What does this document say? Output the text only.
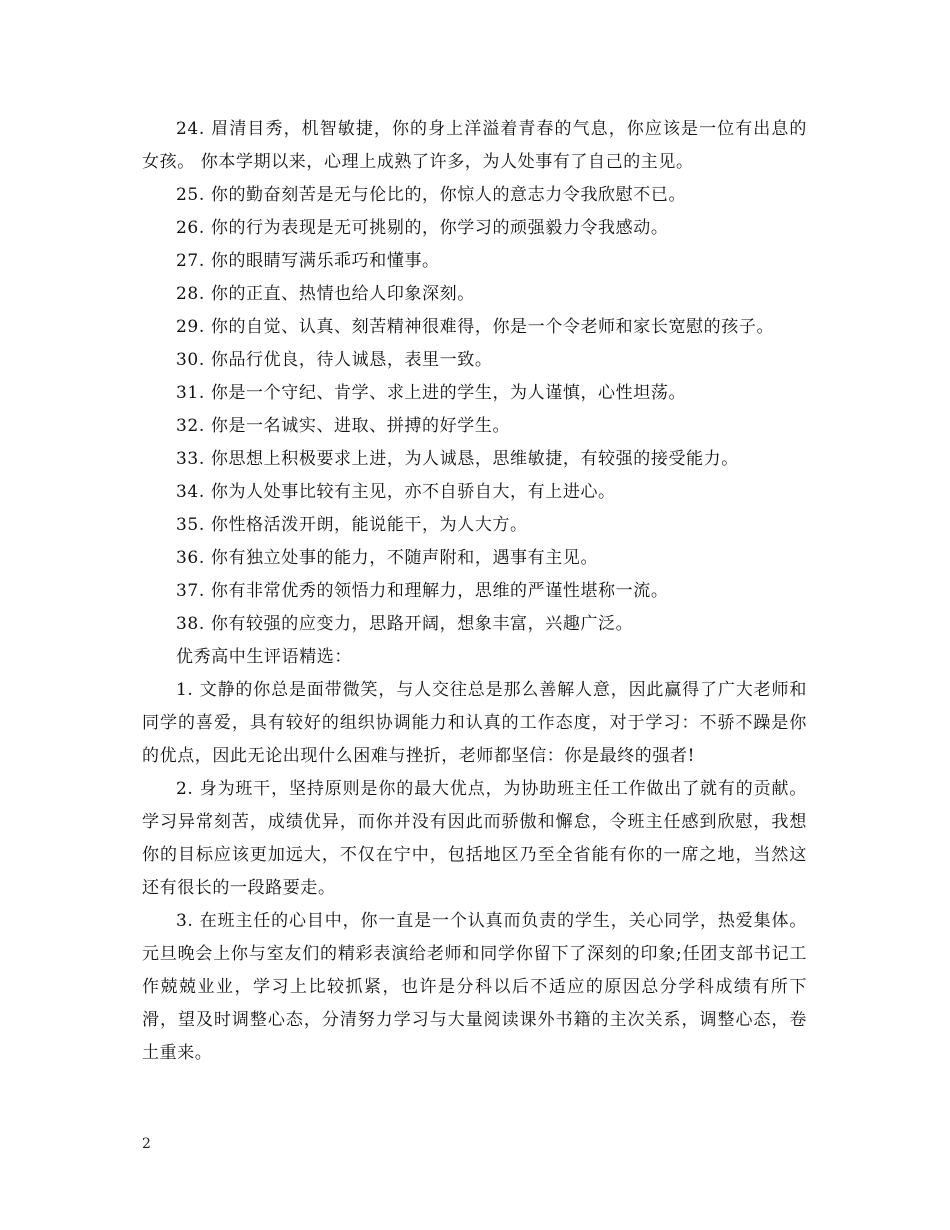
24. 眉清目秀，机智敏捷，你的身上洋溢着青春的气息，你应该是一位有出息的女孩。 你本学期以来，心理上成熟了许多，为人处事有了自己的主见。

25. 你的勤奋刻苦是无与伦比的，你惊人的意志力令我欣慰不已。

26. 你的行为表现是无可挑剔的，你学习的顽强毅力令我感动。

27. 你的眼睛写满乐乖巧和懂事。

28. 你的正直、热情也给人印象深刻。

29. 你的自觉、认真、刻苦精神很难得，你是一个令老师和家长宽慰的孩子。

30. 你品行优良，待人诚恳，表里一致。

31. 你是一个守纪、肯学、求上进的学生，为人谨慎，心性坦荡。

32. 你是一名诚实、进取、拼搏的好学生。

33. 你思想上积极要求上进，为人诚恳，思维敏捷，有较强的接受能力。

34. 你为人处事比较有主见，亦不自骄自大，有上进心。

35. 你性格活泼开朗，能说能干，为人大方。

36. 你有独立处事的能力，不随声附和，遇事有主见。

37. 你有非常优秀的领悟力和理解力，思维的严谨性堪称一流。

38. 你有较强的应变力，思路开阔，想象丰富，兴趣广泛。

优秀高中生评语精选：

1. 文静的你总是面带微笑，与人交往总是那么善解人意，因此赢得了广大老师和同学的喜爱，具有较好的组织协调能力和认真的工作态度，对于学习：不骄不躁是你的优点，因此无论出现什么困难与挫折，老师都坚信：你是最终的强者!

2. 身为班干，坚持原则是你的最大优点，为协助班主任工作做出了就有的贡献。学习异常刻苦，成绩优异，而你并没有因此而骄傲和懈怠，令班主任感到欣慰，我想你的目标应该更加远大，不仅在宁中，包括地区乃至全省能有你的一席之地，当然这还有很长的一段路要走。

3. 在班主任的心目中，你一直是一个认真而负责的学生，关心同学，热爱集体。元旦晚会上你与室友们的精彩表演给老师和同学你留下了深刻的印象;任团支部书记工作兢兢业业，学习上比较抓紧，也许是分科以后不适应的原因总分学科成绩有所下滑，望及时调整心态，分清努力学习与大量阅读课外书籍的主次关系，调整心态，卷土重来。

2
